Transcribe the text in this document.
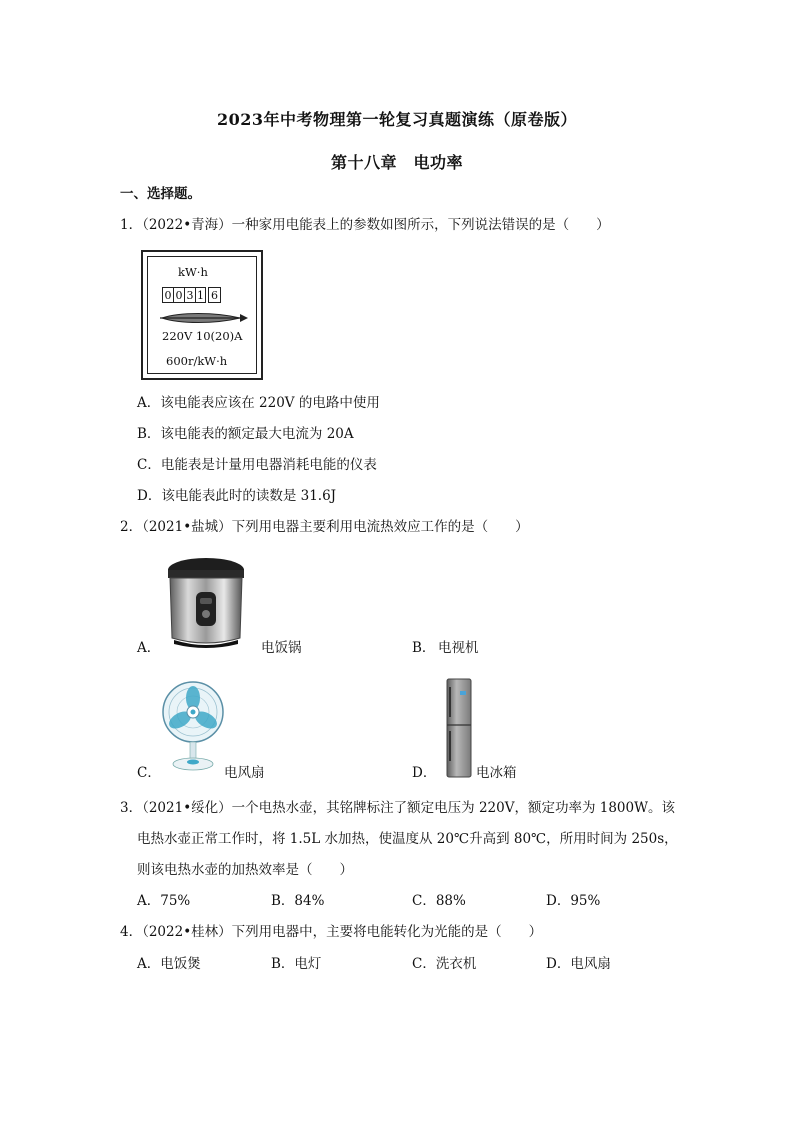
2023年中考物理第一轮复习真题演练（原卷版）
第十八章　电功率
一、选择题。
1．（2022•青海）一种家用电能表上的参数如图所示，下列说法错误的是（　　）
kW·h
0 0 3 1 6
220V 10(20)A
600r/kW·h
A．该电能表应该在 220V 的电路中使用
B．该电能表的额定最大电流为 20A
C．电能表是计量用电器消耗电能的仪表
D．该电能表此时的读数是 31.6J
2．（2021•盐城）下列用电器主要利用电流热效应工作的是（　　）
A．	电饭锅	B． 电视机
C．	电风扇	D．	电冰箱
3．（2021•绥化）一个电热水壶，其铭牌标注了额定电压为 220V，额定功率为 1800W。该
电热水壶正常工作时，将 1.5L 水加热，使温度从 20℃升高到 80℃，所用时间为 250s，
则该电热水壶的加热效率是（　　）
A．75%	B．84%	C．88%	D．95%
4．（2022•桂林）下列用电器中，主要将电能转化为光能的是（　　）
A．电饭煲	B．电灯	C．洗衣机	D．电风扇
